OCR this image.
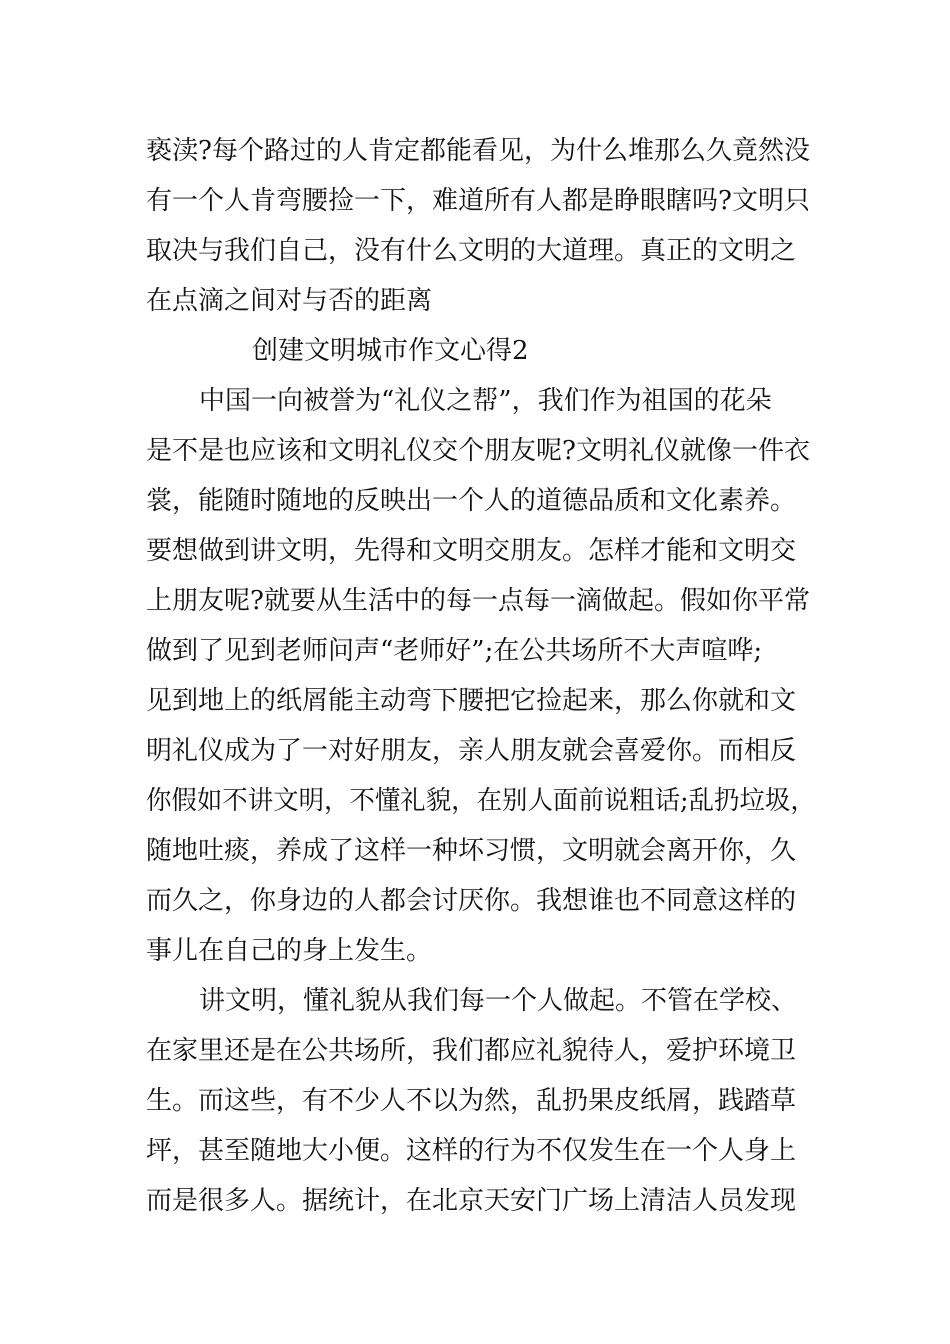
亵渎?每个路过的人肯定都能看见，为什么堆那么久竟然没
有一个人肯弯腰捡一下，难道所有人都是睁眼瞎吗?文明只
取决与我们自己，没有什么文明的大道理。真正的文明之
在点滴之间对与否的距离
创建文明城市作文心得2
中国一向被誉为“礼仪之帮”，我们作为祖国的花朵
是不是也应该和文明礼仪交个朋友呢?文明礼仪就像一件衣
裳，能随时随地的反映出一个人的道德品质和文化素养。
要想做到讲文明，先得和文明交朋友。怎样才能和文明交
上朋友呢?就要从生活中的每一点每一滴做起。假如你平常
做到了见到老师问声“老师好”;在公共场所不大声喧哗;
见到地上的纸屑能主动弯下腰把它捡起来，那么你就和文
明礼仪成为了一对好朋友，亲人朋友就会喜爱你。而相反
你假如不讲文明，不懂礼貌，在别人面前说粗话;乱扔垃圾，
随地吐痰，养成了这样一种坏习惯，文明就会离开你，久
而久之，你身边的人都会讨厌你。我想谁也不同意这样的
事儿在自己的身上发生。
讲文明，懂礼貌从我们每一个人做起。不管在学校、
在家里还是在公共场所，我们都应礼貌待人，爱护环境卫
生。而这些，有不少人不以为然，乱扔果皮纸屑，践踏草
坪，甚至随地大小便。这样的行为不仅发生在一个人身上
而是很多人。据统计，在北京天安门广场上清洁人员发现
